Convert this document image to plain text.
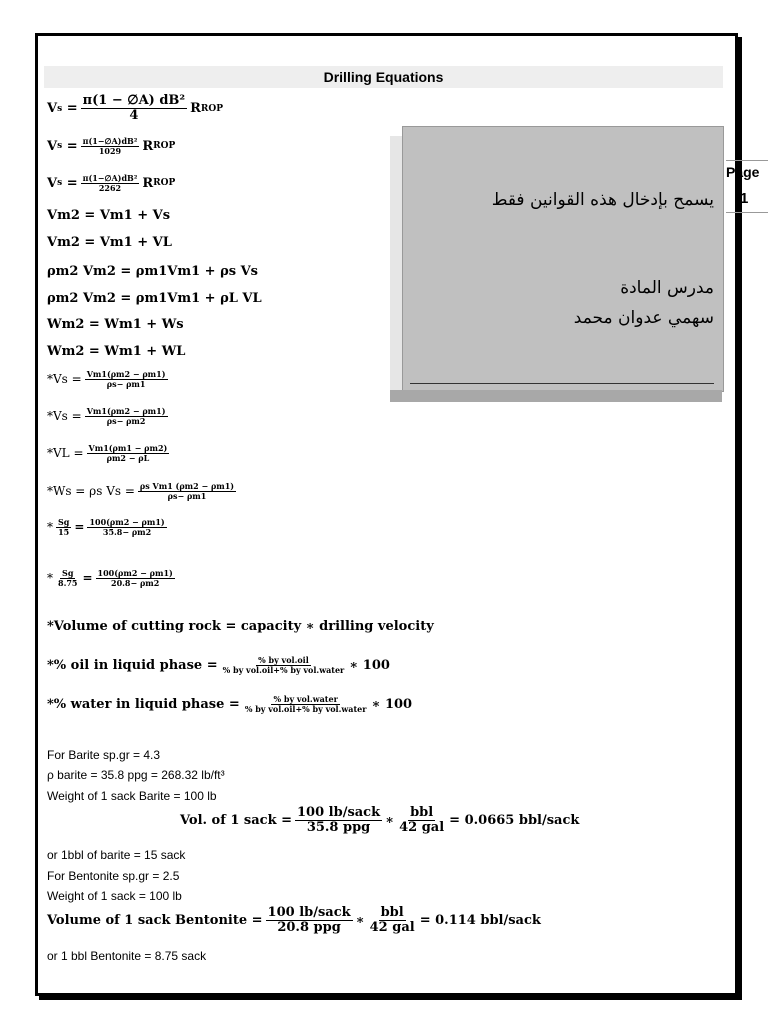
Drilling Equations
يسمح بإدخال هذه القوانين فقط
مدرس المادة
سهمي عدوان محمد
Page
1
V $s = \frac{\text{π(1 − ∅A) dB²}}{4}$ R ROP
V $s = \frac{\text{π(1−∅A)dB²}}{1029}$ R ROP
V $s = \frac{\text{π(1−∅A)dB²}}{2262}$ R ROP
Vm2 = Vm1 + Vs
Vm2 = Vm1 + VL
ρm2 Vm2 = ρm1Vm1 + ρs Vs
ρm2 Vm2 = ρm1Vm1 + ρL VL
Wm2 = Wm1 + Ws
Wm2 = Wm1 + WL
$*Vs = \frac{Vm1(\rho m2 - \rho m1)}{\rho s- \rho m1}$
$*Vs = \frac{Vm1(\rho m2 - \rho m1)}{\rho s- \rho m2}$
$*VL = \frac{Vm1(\rho m1 - \rho m2)}{\rho m2 - \rho L}$
*Ws = ρs $Vs = \frac{\text{ρs Vm1 (ρm2 − ρm1)}}{\rho s- \rho m1}$
* $\frac{Sg}{15} = \frac{100(\rho m2 - \rho m1)}{35.8- \rho m2}$
* $\frac{Sg}{8.75} = \frac{100(\rho m2 - \rho m1)}{20.8- \rho m2}$
*Volume of cutting rock = capacity ∗ drilling velocity
*% oil in liquid phase = $\frac{\text{\% by vol.oil}}{\text{\% by vol.oil+\% by vol.water}}$ ∗ 100
*% water in liquid phase = $\frac{\text{\% by vol.water}}{\text{\% by vol.oil+\% by vol.water}}$ ∗ 100
For Barite sp.gr = 4.3
ρ barite = 35.8 ppg = 268.32 lb/ft³
Weight of 1 sack Barite = 100 lb
Vol. of 1 sack = $\frac{\text{100 lb/sack}}{\text{35.8 ppg}}$ ∗ $\frac{\text{bbl}}{\text{42 gal}} = 0.0665$ bbl/sack
or 1bbl of barite = 15 sack
For Bentonite sp.gr = 2.5
Weight of 1 sack = 100 lb
Volume of 1 sack Bentonite = $\frac{\text{100 lb/sack}}{\text{20.8 ppg}}$ ∗ $\frac{\text{bbl}}{\text{42 gal}} = 0.114$ bbl/sack
or 1 bbl Bentonite = 8.75 sack
